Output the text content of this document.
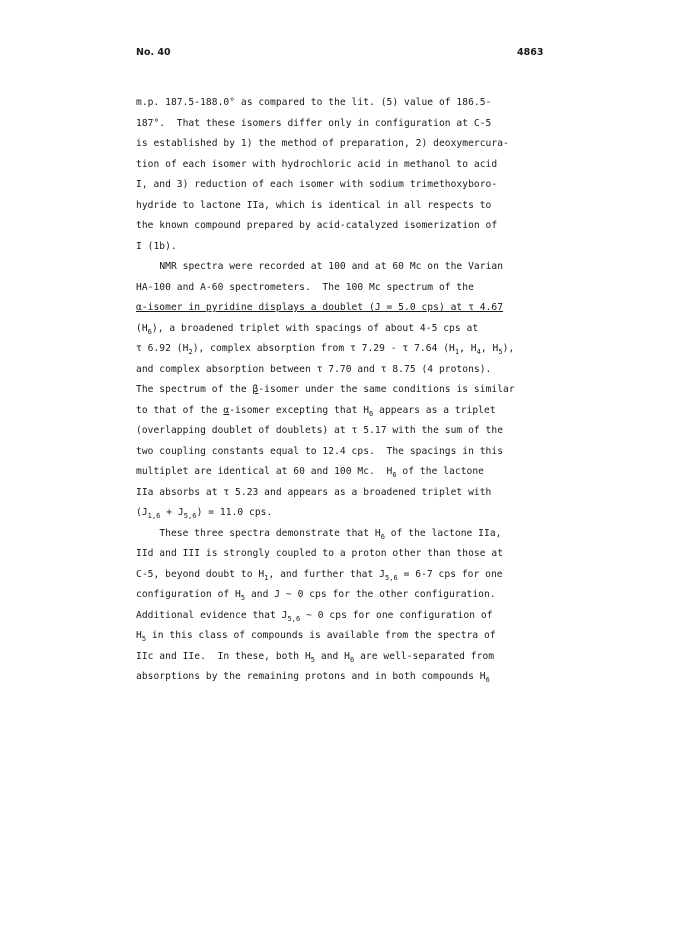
No. 40	4863
m.p. 187.5-188.0° as compared to the lit. (5) value of 186.5-
187°.  That these isomers differ only in configuration at C-5
is established by 1) the method of preparation, 2) deoxymercura-
tion of each isomer with hydrochloric acid in methanol to acid
I, and 3) reduction of each isomer with sodium trimethoxyboro-
hydride to lactone IIa, which is identical in all respects to
the known compound prepared by acid-catalyzed isomerization of
I (1b).
NMR spectra were recorded at 100 and at 60 Mc on the Varian
HA-100 and A-60 spectrometers.  The 100 Mc spectrum of the
α-isomer in pyridine displays a doublet (J = 5.0 cps) at τ 4.67
$(H_6)$, a broadened triplet with spacings of about 4-5 cps at
τ 6.92 $(H_2)$, complex absorption from τ 7.29 - τ 7.64 ($H_1$, $H_4$, $H_5$),
and complex absorption between τ 7.70 and τ 8.75 (4 protons).
The spectrum of the β-isomer under the same conditions is similar
to that of the α-isomer excepting that $H_6$ appears as a triplet
(overlapping doublet of doublets) at τ 5.17 with the sum of the
two coupling constants equal to 12.4 cps.  The spacings in this
multiplet are identical at 60 and 100 Mc.  $H_6$ of the lactone
IIa absorbs at τ 5.23 and appears as a broadened triplet with
$(J_{1,6} + J_{5,6}) = 11.0$ cps.
These three spectra demonstrate that $H_6$ of the lactone IIa,
IId and III is strongly coupled to a proton other than those at
C-5, beyond doubt to $H_1$, and further that $J_{5,6} = 6-7$ cps for one
configuration of $H_5$ and J ~ 0 cps for the other configuration.
Additional evidence that $J_{5,6}$ ~ 0 cps for one configuration of
$H_5$ in this class of compounds is available from the spectra of
IIc and IIe.  In these, both $H_5$ and $H_6$ are well-separated from
absorptions by the remaining protons and in both compounds $H_6$
